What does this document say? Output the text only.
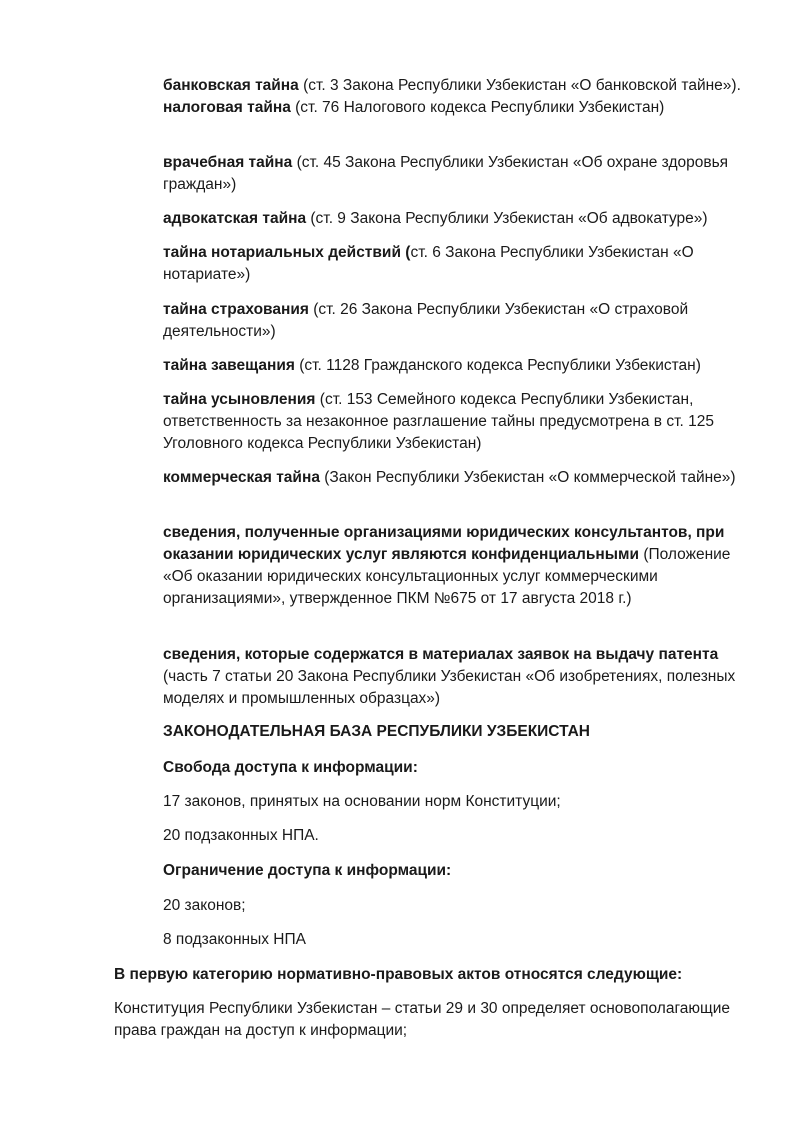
банковская тайна (ст. 3 Закона Республики Узбекистан «О банковской тайне»). налоговая тайна (ст. 76 Налогового кодекса Республики Узбекистан)

врачебная тайна (ст. 45 Закона Республики Узбекистан «Об охране здоровья граждан»)

адвокатская тайна (ст. 9 Закона Республики Узбекистан «Об адвокатуре»)

тайна нотариальных действий (ст. 6 Закона Республики Узбекистан «О нотариате»)

тайна страхования (ст. 26 Закона Республики Узбекистан «О страховой деятельности»)

тайна завещания (ст. 1128 Гражданского кодекса Республики Узбекистан)

тайна усыновления (ст. 153 Семейного кодекса Республики Узбекистан, ответственность за незаконное разглашение тайны предусмотрена в ст. 125 Уголовного кодекса Республики Узбекистан)

коммерческая тайна (Закон Республики Узбекистан «О коммерческой тайне»)

сведения, полученные организациями юридических консультантов, при оказании юридических услуг являются конфиденциальными (Положение «Об оказании юридических консультационных услуг коммерческими организациями», утвержденное ПКМ №675 от 17 августа 2018 г.)

сведения, которые содержатся в материалах заявок на выдачу патента (часть 7 статьи 20 Закона Республики Узбекистан «Об изобретениях, полезных моделях и промышленных образцах»)

ЗАКОНОДАТЕЛЬНАЯ БАЗА РЕСПУБЛИКИ УЗБЕКИСТАН

Свобода доступа к информации:

17 законов, принятых на основании норм Конституции;

20 подзаконных НПА.

Ограничение доступа к информации:

20 законов;

8 подзаконных НПА

В первую категорию нормативно-правовых актов относятся следующие:

Конституция Республики Узбекистан – статьи 29 и 30 определяет основополагающие права граждан на доступ к информации;
